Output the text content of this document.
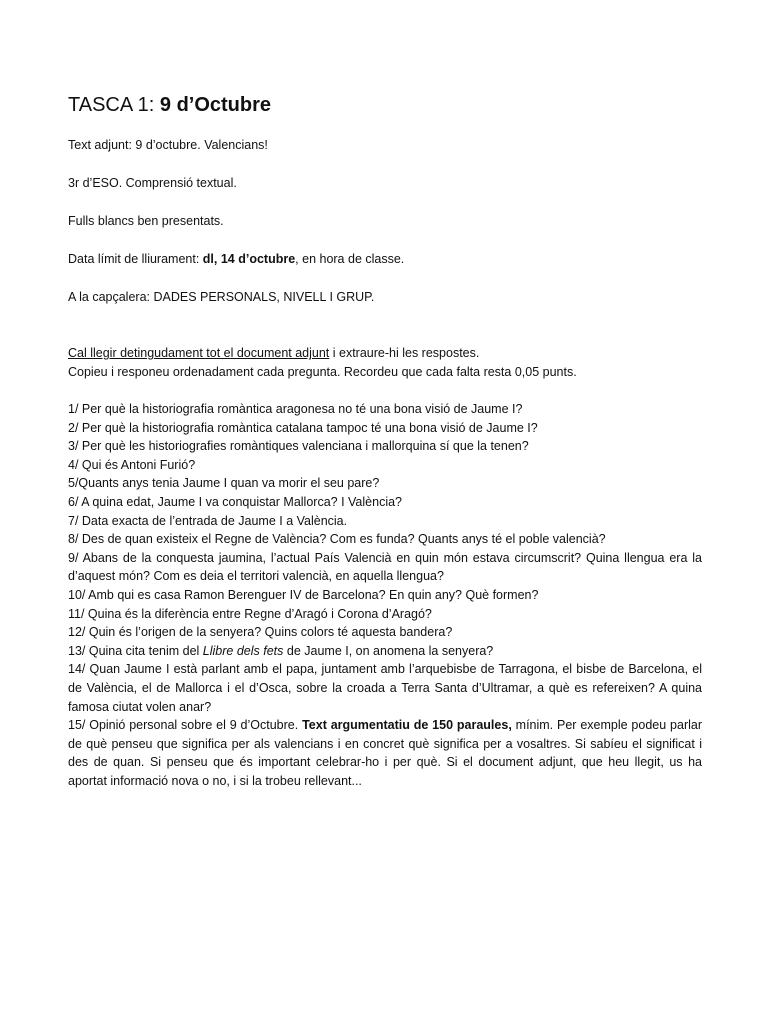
TASCA 1: 9 d’Octubre

Text adjunt: 9 d’octubre. Valencians!

3r d’ESO. Comprensió textual.

Fulls blancs ben presentats.

Data límit de lliurament: dl, 14 d’octubre, en hora de classe.

A la capçalera: DADES PERSONALS, NIVELL I GRUP.

Cal llegir detingudament tot el document adjunt i extraure-hi les respostes.
Copieu i responeu ordenadament cada pregunta. Recordeu que cada falta resta 0,05 punts.

1/ Per què la historiografia romàntica aragonesa no té una bona visió de Jaume I?

2/ Per què la historiografia romàntica catalana tampoc té una bona visió de Jaume I?

3/ Per què les historiografies romàntiques valenciana i mallorquina sí que la tenen?

4/ Qui és Antoni Furió?

5/Quants anys tenia Jaume I quan va morir el seu pare?

6/ A quina edat, Jaume I va conquistar Mallorca? I València?

7/ Data exacta de l’entrada de Jaume I a València.

8/ Des de quan existeix el Regne de València? Com es funda? Quants anys té el poble valencià?

9/ Abans de la conquesta jaumina, l’actual País Valencià en quin món estava circumscrit? Quina llengua era la d’aquest món? Com es deia el territori valencià, en aquella llengua?

10/ Amb qui es casa Ramon Berenguer IV de Barcelona? En quin any? Què formen?

11/ Quina és la diferència entre Regne d’Aragó i Corona d’Aragó?

12/ Quin és l’origen de la senyera? Quins colors té aquesta bandera?

13/ Quina cita tenim del Llibre dels fets de Jaume I, on anomena la senyera?

14/ Quan Jaume I està parlant amb el papa, juntament amb l’arquebisbe de Tarragona, el bisbe de Barcelona, el de València, el de Mallorca i el d’Osca, sobre la croada a Terra Santa d’Ultramar, a què es refereixen? A quina famosa ciutat volen anar?

15/ Opinió personal sobre el 9 d’Octubre. Text argumentatiu de 150 paraules, mínim. Per exemple podeu parlar de què penseu que significa per als valencians i en concret què significa per a vosaltres. Si sabíeu el significat i des de quan. Si penseu que és important celebrar-ho i per què. Si el document adjunt, que heu llegit, us ha aportat informació nova o no, i si la trobeu rellevant...
